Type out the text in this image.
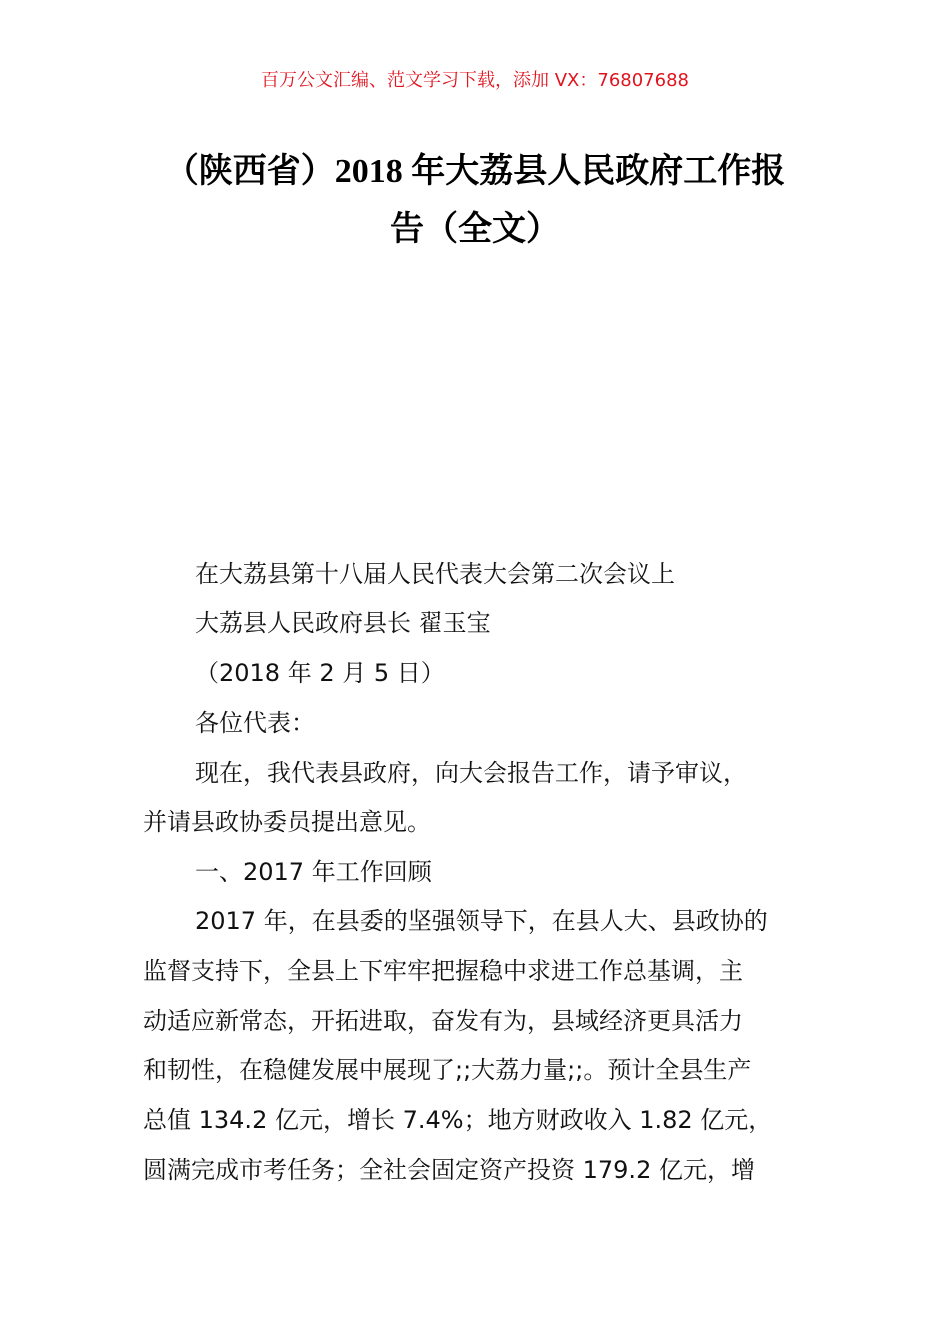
百万公文汇编、范文学习下载，添加 VX：76807688
（陕西省）2018 年大荔县人民政府工作报
告（全文）
在大荔县第十八届人民代表大会第二次会议上
大荔县人民政府县长 翟玉宝
（2018 年 2 月 5 日）
各位代表：
现在，我代表县政府，向大会报告工作，请予审议，
并请县政协委员提出意见。
一、2017 年工作回顾
2017 年，在县委的坚强领导下，在县人大、县政协的
监督支持下，全县上下牢牢把握稳中求进工作总基调，主
动适应新常态，开拓进取，奋发有为，县域经济更具活力
和韧性，在稳健发展中展现了;;大荔力量;;。预计全县生产
总值 134.2 亿元，增长 7.4%；地方财政收入 1.82 亿元，
圆满完成市考任务；全社会固定资产投资 179.2 亿元，增
